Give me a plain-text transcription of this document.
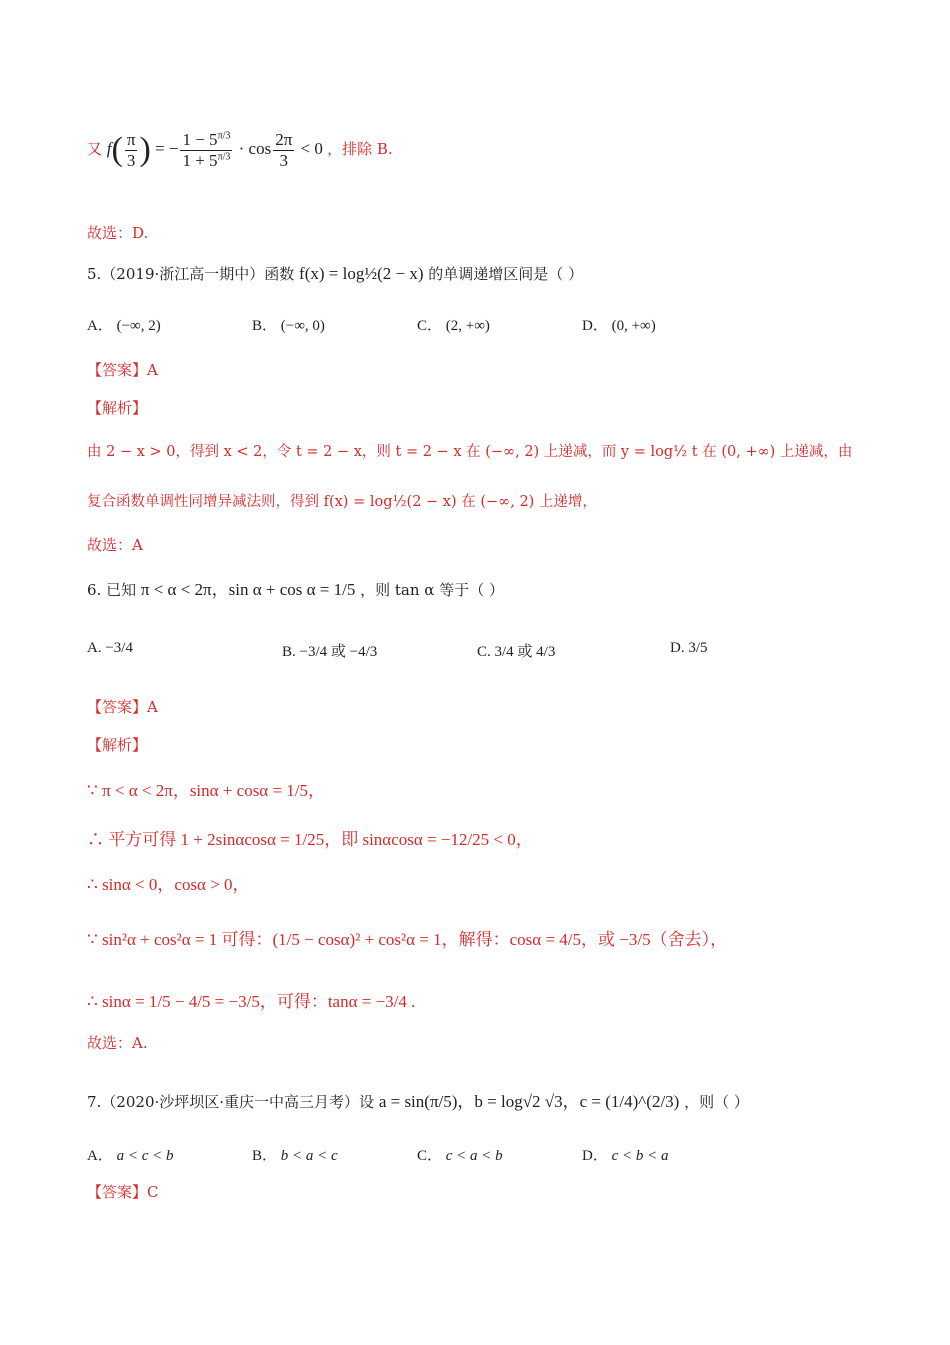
又 $f( \frac{\pi}{3}$ ) = − $\frac{1 - 5^{\pi/3}}{1 + 5^{\pi/3}} \cdot \cos \frac{2\pi}{3} < 0$ ，排除 B.
故选：D.
5.（2019·浙江高一期中）函数 f(x) = log½(2 − x) 的单调递增区间是（ ）
A． (−∞, 2)	B． (−∞, 0)	C． (2, +∞)	D． (0, +∞)
【答案】A
【解析】
由 2 − x > 0，得到 x < 2，令 t = 2 − x，则 t = 2 − x 在 (−∞, 2) 上递减，而 y = log½ t 在 (0, +∞) 上递减，由
复合函数单调性同增异减法则，得到 f(x) = log½(2 − x) 在 (−∞, 2) 上递增，
故选：A
6. 已知 π < α < 2π，sin α + cos α = 1/5 ，则 tan α 等于（ ）
A. −3/4	B. −3/4 或 −4/3	C. 3/4 或 4/3	D. 3/5
【答案】A
【解析】
∵ π < α < 2π，sinα + cosα = 1/5，
∴ 平方可得 1 + 2sinαcosα = 1/25，即 sinαcosα = −12/25 < 0，
∴ sinα < 0，cosα > 0，
∵ sin²α + cos²α = 1 可得：(1/5 − cosα)² + cos²α = 1，解得：cosα = 4/5，或 −3/5（舍去），
∴ sinα = 1/5 − 4/5 = −3/5，可得：tanα = −3/4 .
故选：A.
7.（2020·沙坪坝区·重庆一中高三月考）设 a = sin(π/5)，b = log√2 √3，c = (1/4)^(2/3) ，则（ ）
A． a < c < b	B． b < a < c	C． c < a < b	D． c < b < a
【答案】C
